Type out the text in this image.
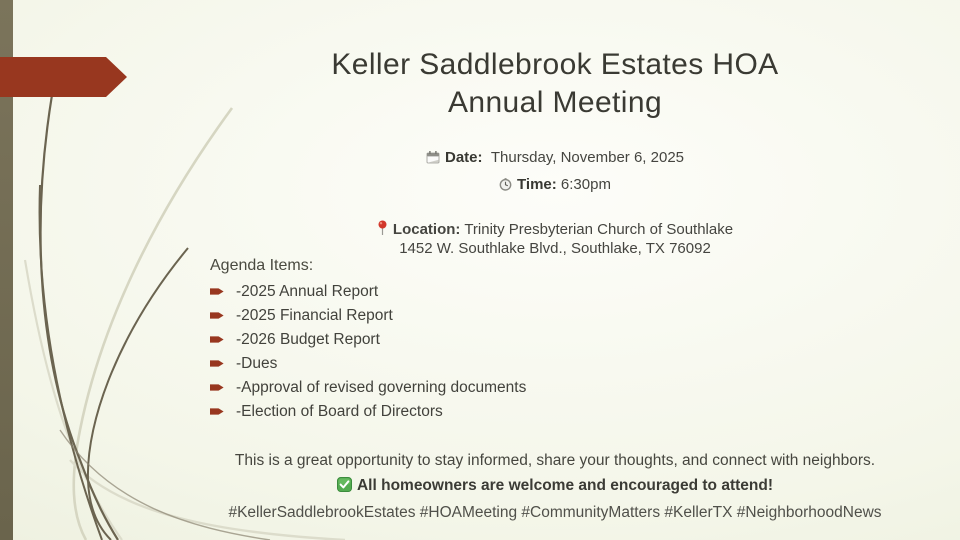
Keller Saddlebrook Estates HOA
Annual Meeting
Date: Thursday, November 6, 2025
Time: 6:30pm
Location: Trinity Presbyterian Church of Southlake
1452 W. Southlake Blvd., Southlake, TX 76092
Agenda Items:
-2025 Annual Report
-2025 Financial Report
-2026 Budget Report
-Dues
-Approval of revised governing documents
-Election of Board of Directors
This is a great opportunity to stay informed, share your thoughts, and connect with neighbors.
All homeowners are welcome and encouraged to attend!
#KellerSaddlebrookEstates #HOAMeeting #CommunityMatters #KellerTX #NeighborhoodNews
